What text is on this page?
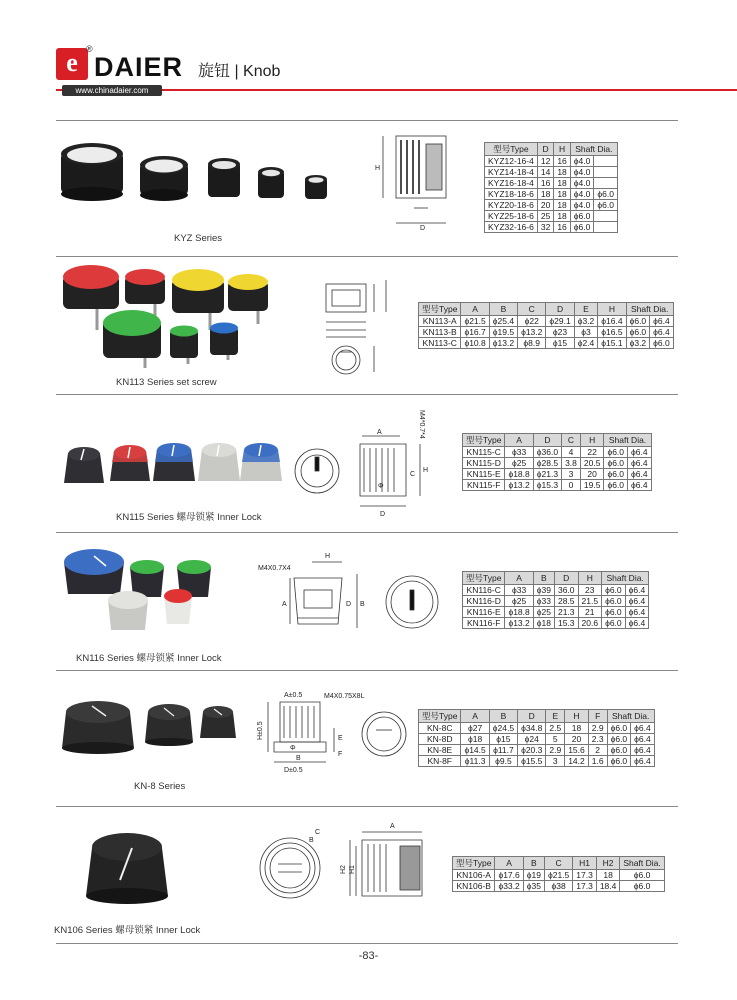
e ®
DAIER 旋钮 | Knob
www.chinadaier.com
H
D
KYZ Series
型号Type	D	H	Shaft Dia.	
KYZ12-16-4	12	16	ϕ4.0	
KYZ14-18-4	14	18	ϕ4.0	
KYZ16-18-4	16	18	ϕ4.0	
KYZ18-18-6	18	18	ϕ4.0	ϕ6.0
KYZ20-18-6	20	18	ϕ4.0	ϕ6.0
KYZ25-18-6	25	18	ϕ6.0	
KYZ32-16-6	32	16	ϕ6.0	
KN113 Series set screw
型号Type	A	B	C	D	E	H	Shaft Dia.	
KN113-A	ϕ21.5	ϕ25.4	ϕ22	ϕ29.1	ϕ3.2	ϕ16.4	ϕ6.0	ϕ6.4
KN113-B	ϕ16.7	ϕ19.5	ϕ13.2	ϕ23	ϕ3	ϕ16.5	ϕ6.0	ϕ6.4
KN113-C	ϕ10.8	ϕ13.2	ϕ8.9	ϕ15	ϕ2.4	ϕ15.1	ϕ3.2	ϕ6.0
A
H
C
Φ
D
M4*0.7*4
KN115 Series 螺母锁紧 Inner Lock
型号Type	A	D	C	H	Shaft Dia.	
KN115-C	ϕ33	ϕ36.0	4	22	ϕ6.0	ϕ6.4
KN115-D	ϕ25	ϕ28.5	3.8	20.5	ϕ6.0	ϕ6.4
KN115-E	ϕ18.8	ϕ21.3	3	20	ϕ6.0	ϕ6.4
KN115-F	ϕ13.2	ϕ15.3	0	19.5	ϕ6.0	ϕ6.4
A	D B
H
M4X0.7X4
KN116 Series 螺母锁紧 Inner Lock
型号Type	A	B	D	H	Shaft Dia.	
KN116-C	ϕ33	ϕ39	36.0	23	ϕ6.0	ϕ6.4
KN116-D	ϕ25	ϕ33	28.5	21.5	ϕ6.0	ϕ6.4
KN116-E	ϕ18.8	ϕ25	21.3	21	ϕ6.0	ϕ6.4
KN116-F	ϕ13.2	ϕ18	15.3	20.6	ϕ6.0	ϕ6.4
A±0.5
D±0.5
B
Φ
E
F
H±0.5
M4X0.75X8L
KN-8 Series
型号Type	A	B	D	E	H	F	Shaft Dia.	
KN-8C	ϕ27	ϕ24.5	ϕ34.8	2.5	18	2.9	ϕ6.0	ϕ6.4
KN-8D	ϕ18	ϕ15	ϕ24	5	20	2.3	ϕ6.0	ϕ6.4
KN-8E	ϕ14.5	ϕ11.7	ϕ20.3	2.9	15.6	2	ϕ6.0	ϕ6.4
KN-8F	ϕ11.3	ϕ9.5	ϕ15.5	3	14.2	1.6	ϕ6.0	ϕ6.4
C
B
A
H2 H1
KN106 Series 螺母锁紧 Inner Lock
型号Type	A	B	C	H1	H2	Shaft Dia.
KN106-A	ϕ17.6	ϕ19	ϕ21.5	17.3	18	ϕ6.0
KN106-B	ϕ33.2	ϕ35	ϕ38	17.3	18.4	ϕ6.0
-83-
